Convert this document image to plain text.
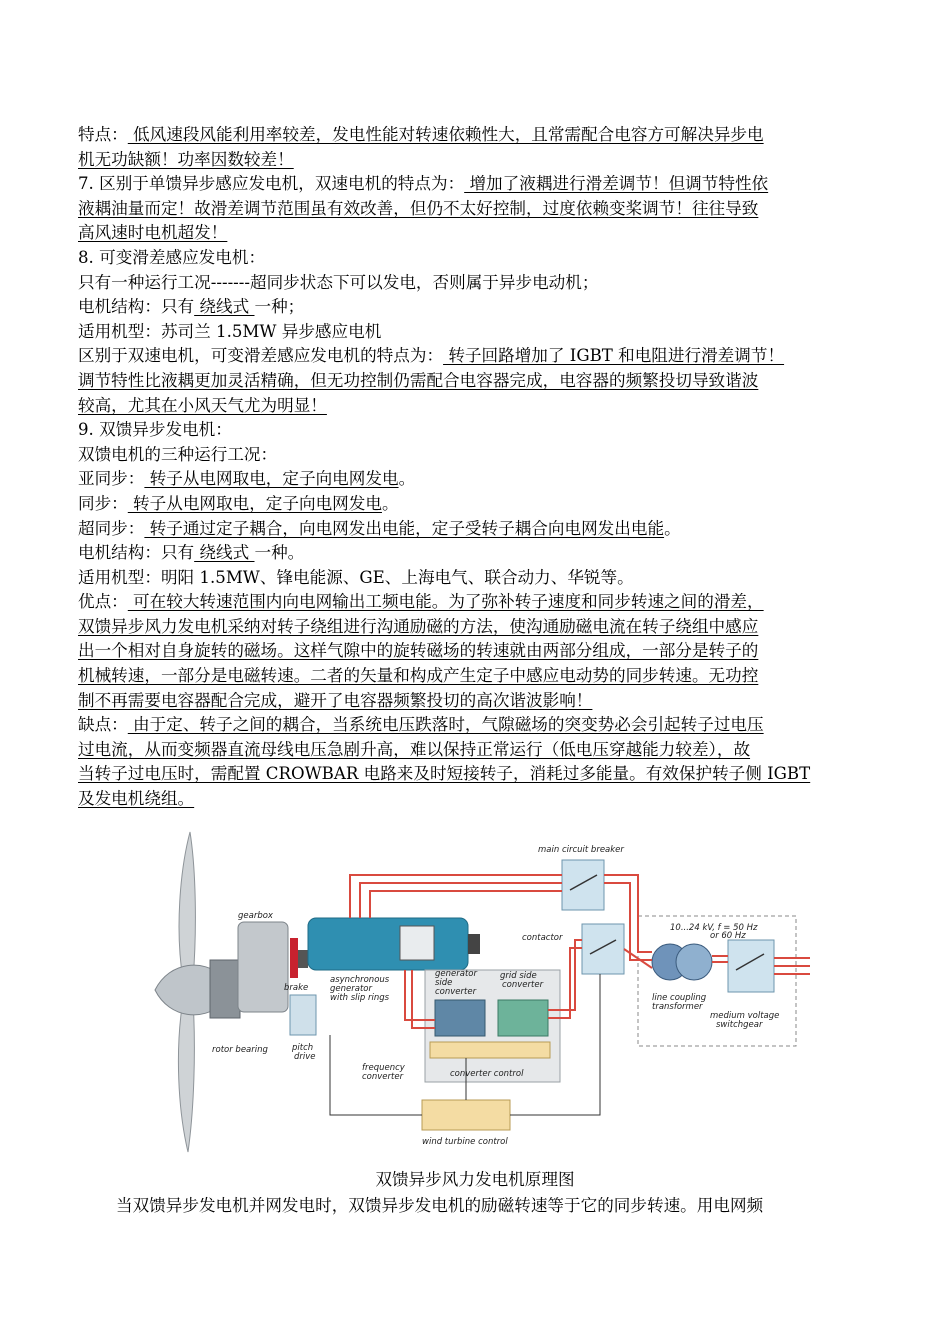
特点： 低风速段风能利用率较差，发电性能对转速依赖性大，且常需配合电容方可解决异步电
机无功缺额！功率因数较差！
7. 区别于单馈异步感应发电机，双速电机的特点为： 增加了液耦进行滑差调节！但调节特性依
液耦油量而定！故滑差调节范围虽有效改善，但仍不太好控制，过度依赖变桨调节！往往导致
高风速时电机超发！
8. 可变滑差感应发电机：
只有一种运行工况-------超同步状态下可以发电，否则属于异步电动机；
电机结构：只有 绕线式 一种；
适用机型：苏司兰 1.5MW 异步感应电机
区别于双速电机，可变滑差感应发电机的特点为： 转子回路增加了 IGBT 和电阻进行滑差调节！
调节特性比液耦更加灵活精确，但无功控制仍需配合电容器完成，电容器的频繁投切导致谐波
较高，尤其在小风天气尤为明显！
9. 双馈异步发电机：
双馈电机的三种运行工况：
亚同步： 转子从电网取电，定子向电网发电。
同步： 转子从电网取电，定子向电网发电。
超同步： 转子通过定子耦合，向电网发出电能，定子受转子耦合向电网发出电能。
电机结构：只有 绕线式 一种。
适用机型：明阳 1.5MW、锋电能源、GE、上海电气、联合动力、华锐等。
优点： 可在较大转速范围内向电网输出工频电能。为了弥补转子速度和同步转速之间的滑差，
双馈异步风力发电机采纳对转子绕组进行沟通励磁的方法，使沟通励磁电流在转子绕组中感应
出一个相对自身旋转的磁场。这样气隙中的旋转磁场的转速就由两部分组成，一部分是转子的
机械转速，一部分是电磁转速。二者的矢量和构成产生定子中感应电动势的同步转速。无功控
制不再需要电容器配合完成，避开了电容器频繁投切的高次谐波影响！
缺点： 由于定、转子之间的耦合，当系统电压跌落时，气隙磁场的突变势必会引起转子过电压
过电流，从而变频器直流母线电压急剧升高，难以保持正常运行（低电压穿越能力较差），故
当转子过电压时，需配置 CROWBAR 电路来及时短接转子，消耗过多能量。有效保护转子侧 IGBT
及发电机绕组。
main circuit breaker
gearbox
brake
asynchronous
generator
with slip rings
generator
side
converter
grid side
converter
contactor
10...24 kV, f = 50 Hz
or 60 Hz
line coupling
transformer
medium voltage
switchgear
rotor bearing	pitch
drive
frequency
converter	converter control
wind turbine control
双馈异步风力发电机原理图
当双馈异步发电机并网发电时，双馈异步发电机的励磁转速等于它的同步转速。用电网频
